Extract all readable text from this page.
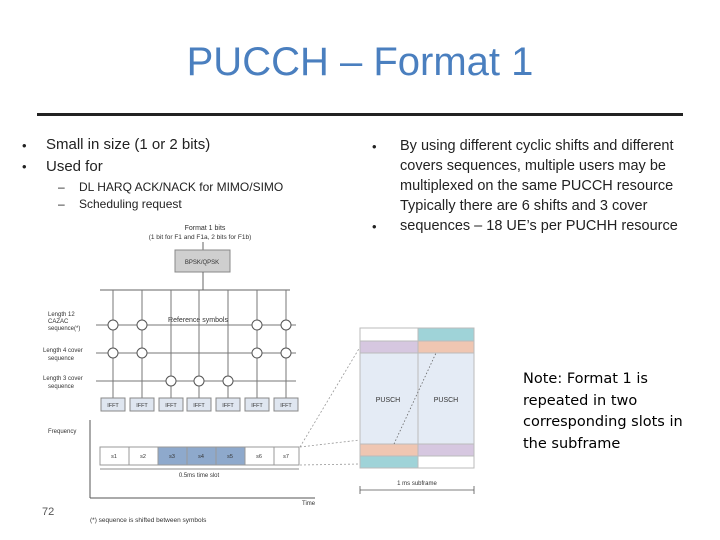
PUCCH – Format 1
• Small in size (1 or 2 bits)
• Used for
– DL HARQ ACK/NACK for MIMO/SIMO
– Scheduling request
•
•
By using different cyclic shifts and different covers sequences, multiple users may be multiplexed on the same PUCCH resource
Typically there are 6 shifts and 3 cover sequences – 18 UE’s per PUCHH resource
Format 1 bits
(1 bit for F1 and F1a, 2 bits for F1b)
BPSK/QPSK
Length 12
CAZAC
sequence(*)
Length 4 cover
sequence
Length 3 cover
sequence
Frequency
Reference symbols
IFFT	IFFT	IFFT	IFFT	IFFT	IFFT	IFFT
Time
s1	s2	s3	s4	s5	s6	s7
0.5ms time slot
(*) sequence is shifted between symbols
PUSCH	PUSCH
1 ms subframe
Note: Format 1 is repeated in two corresponding slots in the subframe
72
